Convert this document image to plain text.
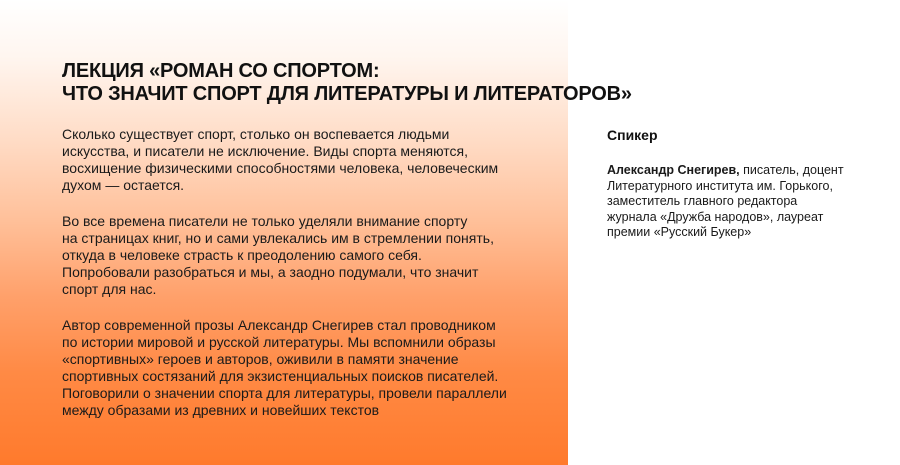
ЛЕКЦИЯ «РОМАН СО СПОРТОМ:
ЧТО ЗНАЧИТ СПОРТ ДЛЯ ЛИТЕРАТУРЫ И ЛИТЕРАТОРОВ»

Сколько существует спорт, столько он воспевается людьми
искусства, и писатели не исключение. Виды спорта меняются,
восхищение физическими способностями человека, человеческим
духом — остается.

Во все времена писатели не только уделяли внимание спорту
на страницах книг, но и сами увлекались им в стремлении понять,
откуда в человеке страсть к преодолению самого себя.
Попробовали разобраться и мы, а заодно подумали, что значит
спорт для нас.

Автор современной прозы Александр Снегирев стал проводником
по истории мировой и русской литературы. Мы вспомнили образы
«спортивных» героев и авторов, оживили в памяти значение
спортивных состязаний для экзистенциальных поисков писателей.
Поговорили о значении спорта для литературы, провели параллели
между образами из древних и новейших текстов

Спикер

Александр Снегирев, писатель, доцент
Литературного института им. Горького,
заместитель главного редактора
журнала «Дружба народов», лауреат
премии «Русский Букер»
